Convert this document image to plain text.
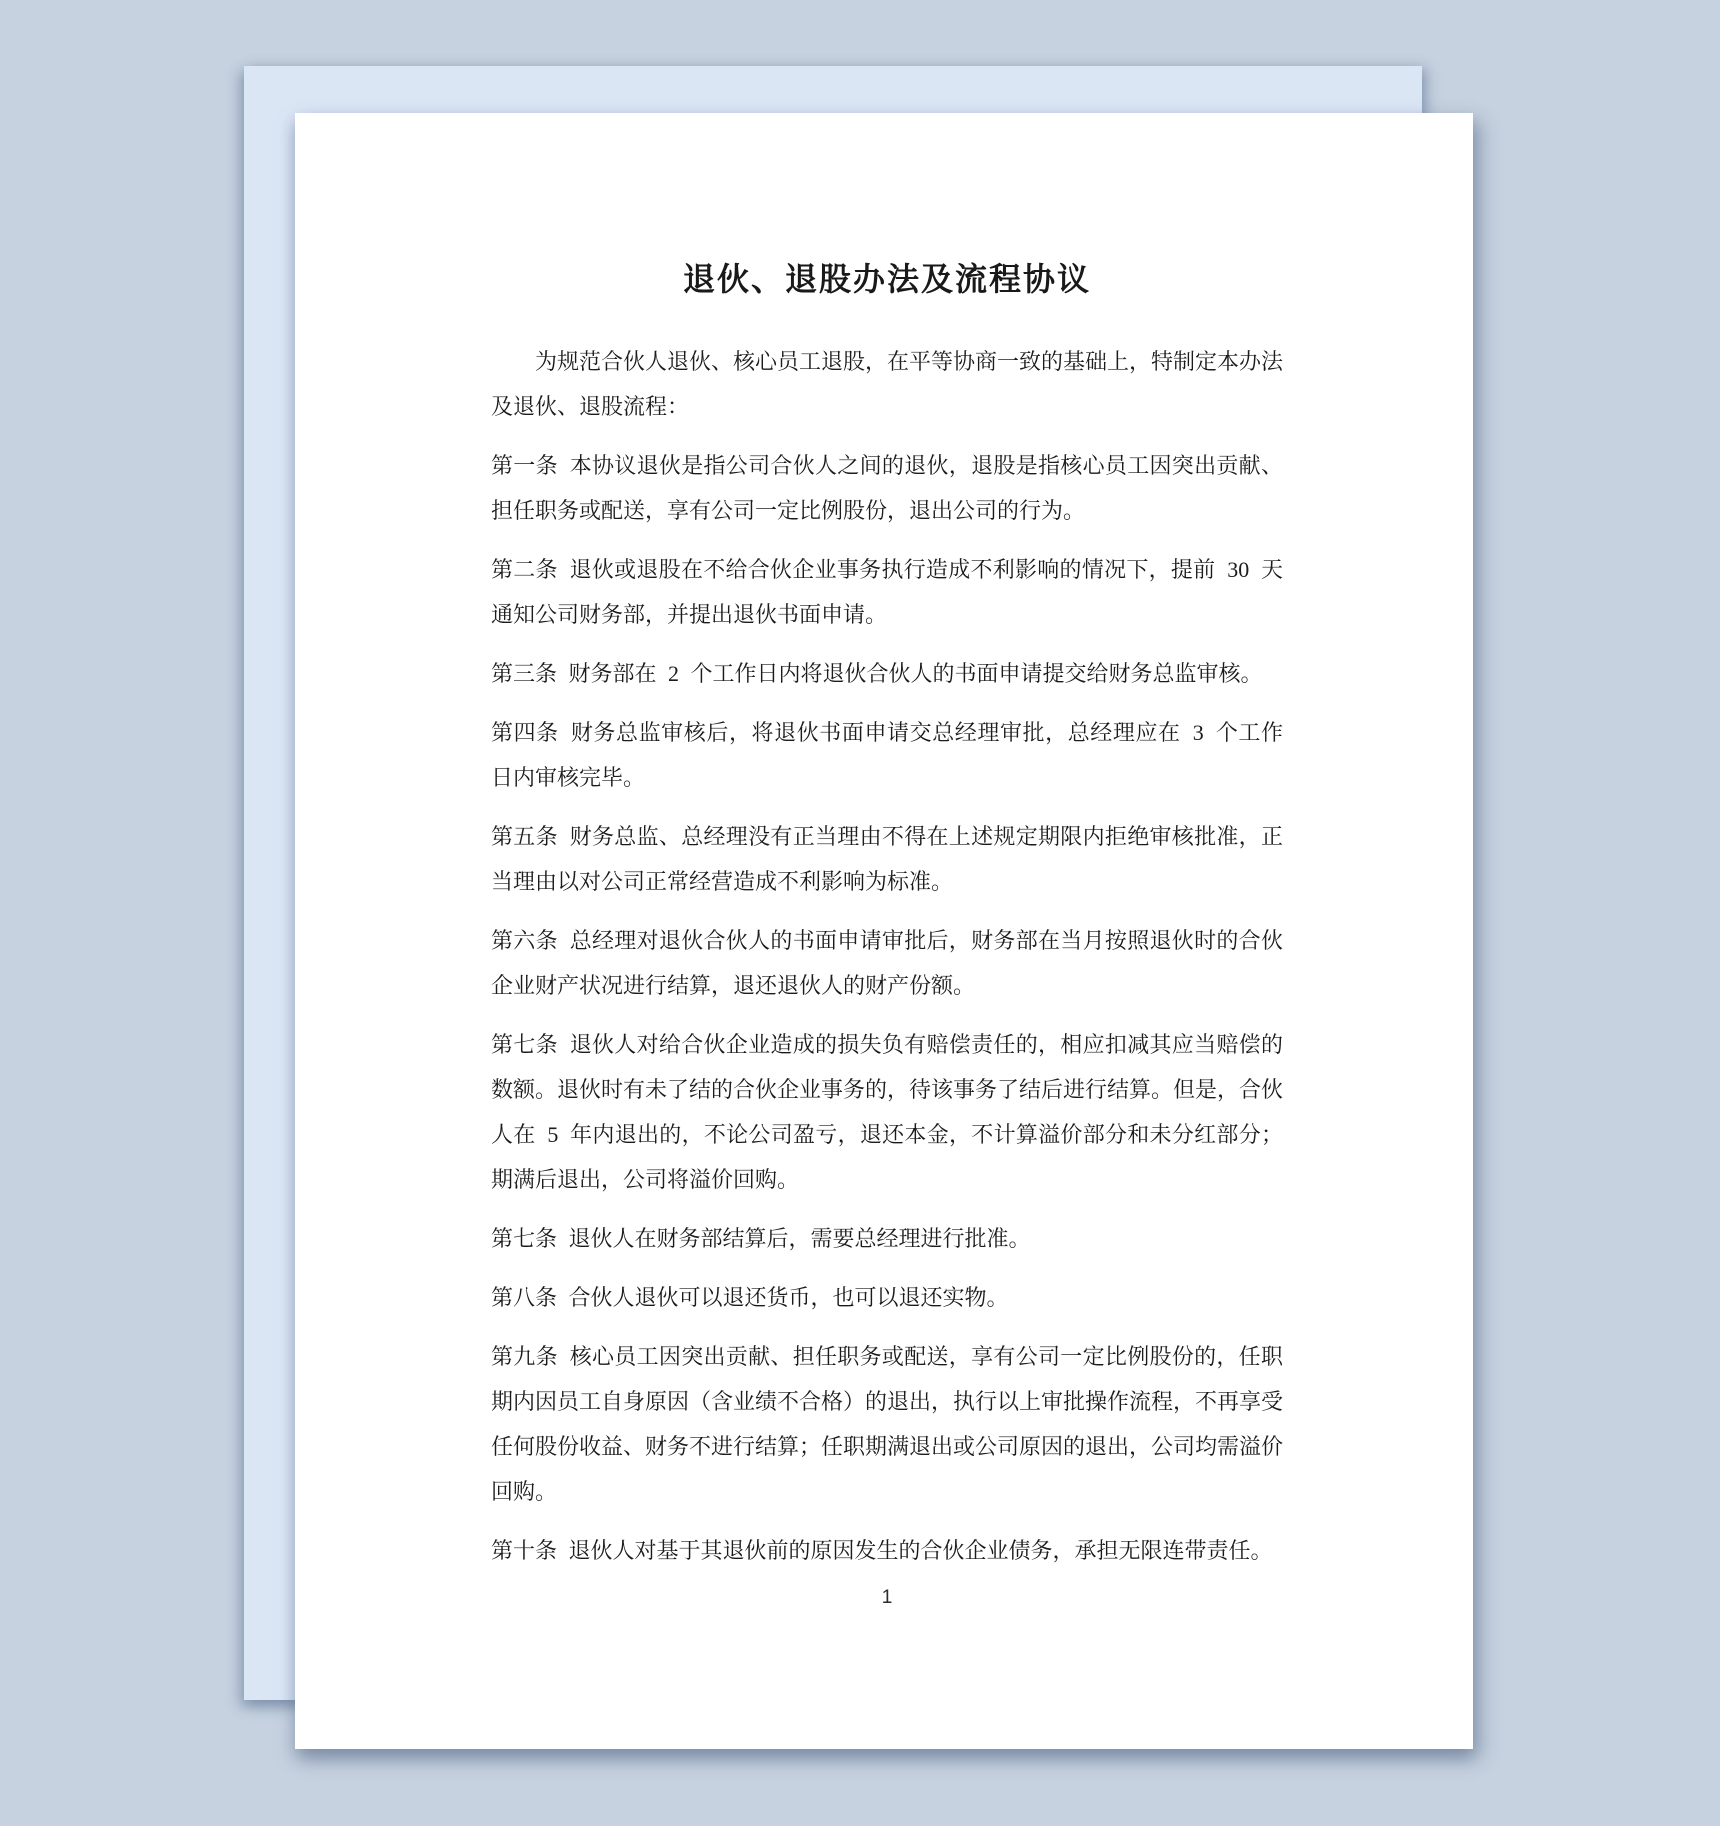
退伙、退股办法及流程协议

为规范合伙人退伙、核心员工退股，在平等协商一致的基础上，特制定本办法及退伙、退股流程：

第一条 本协议退伙是指公司合伙人之间的退伙，退股是指核心员工因突出贡献、担任职务或配送，享有公司一定比例股份，退出公司的行为。

第二条 退伙或退股在不给合伙企业事务执行造成不利影响的情况下，提前 30 天通知公司财务部，并提出退伙书面申请。

第三条 财务部在 2 个工作日内将退伙合伙人的书面申请提交给财务总监审核。

第四条 财务总监审核后，将退伙书面申请交总经理审批，总经理应在 3 个工作日内审核完毕。

第五条 财务总监、总经理没有正当理由不得在上述规定期限内拒绝审核批准，正当理由以对公司正常经营造成不利影响为标准。

第六条 总经理对退伙合伙人的书面申请审批后，财务部在当月按照退伙时的合伙企业财产状况进行结算，退还退伙人的财产份额。

第七条 退伙人对给合伙企业造成的损失负有赔偿责任的，相应扣减其应当赔偿的数额。退伙时有未了结的合伙企业事务的，待该事务了结后进行结算。但是，合伙人在 5 年内退出的，不论公司盈亏，退还本金，不计算溢价部分和未分红部分；期满后退出，公司将溢价回购。

第七条 退伙人在财务部结算后，需要总经理进行批准。

第八条 合伙人退伙可以退还货币，也可以退还实物。

第九条 核心员工因突出贡献、担任职务或配送，享有公司一定比例股份的，任职期内因员工自身原因（含业绩不合格）的退出，执行以上审批操作流程，不再享受任何股份收益、财务不进行结算；任职期满退出或公司原因的退出，公司均需溢价回购。

第十条 退伙人对基于其退伙前的原因发生的合伙企业债务，承担无限连带责任。

1
